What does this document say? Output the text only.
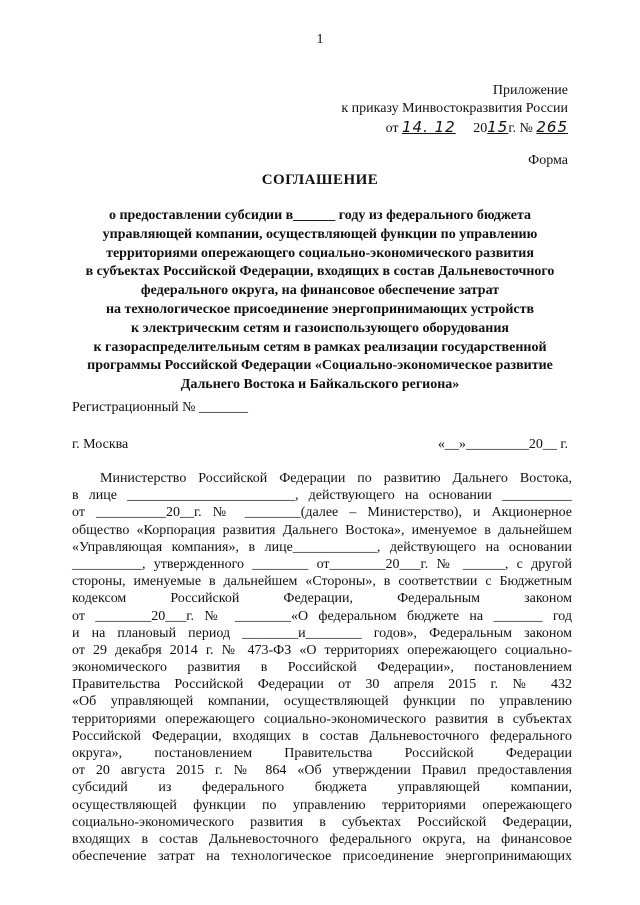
1
Приложение
к приказу Минвостокразвития России
от 14. 12 2015г. № 265
Форма
СОГЛАШЕНИЕ
о предоставлении субсидии в______ году из федерального бюджета
управляющей компании, осуществляющей функции по управлению
территориями опережающего социально-экономического развития
в субъектах Российской Федерации, входящих в состав Дальневосточного
федерального округа, на финансовое обеспечение затрат
на технологическое присоединение энергопринимающих устройств
к электрическим сетям и газоиспользующего оборудования
к газораспределительным сетям в рамках реализации государственной
программы Российской Федерации «Социально-экономическое развитие
Дальнего Востока и Байкальского региона»
Регистрационный № _______
г. Москва	«__»_________20__ г.
Министерство Российской Федерации по развитию Дальнего Востока,
в лице ________________________, действующего на основании __________
от __________20__г. № ________(далее – Министерство), и Акционерное
общество «Корпорация развития Дальнего Востока», именуемое в дальнейшем
«Управляющая компания», в лице____________, действующего на основании
__________, утвержденного ________ от________20___г. № ______, с другой
стороны, именуемые в дальнейшем «Стороны», в соответствии с Бюджетным
кодексом Российской Федерации, Федеральным законом
от ________20___г. № ________«О федеральном бюджете на _______ год
и на плановый период ________и________ годов», Федеральным законом
от 29 декабря 2014 г. № 473-ФЗ «О территориях опережающего социально-
экономического развития в Российской Федерации», постановлением
Правительства Российской Федерации от 30 апреля 2015 г. № 432
«Об управляющей компании, осуществляющей функции по управлению
территориями опережающего социально-экономического развития в субъектах
Российской Федерации, входящих в состав Дальневосточного федерального
округа», постановлением Правительства Российской Федерации
от 20 августа 2015 г. № 864 «Об утверждении Правил предоставления
субсидий из федерального бюджета управляющей компании,
осуществляющей функции по управлению территориями опережающего
социально-экономического развития в субъектах Российской Федерации,
входящих в состав Дальневосточного федерального округа, на финансовое
обеспечение затрат на технологическое присоединение энергопринимающих
